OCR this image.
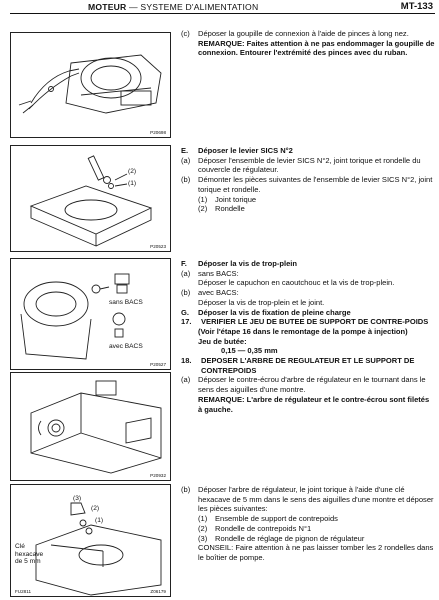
MOTEUR — SYSTEME D'ALIMENTATION	MT-133
P20698
(2)
(1)
P20523
sans BACS
avec BACS
P20527
P20932
(3)
(2)
(1)
Clé
hexacave
de 5 mm
FU2811	Z06179
(c)	Déposer la goupille de connexion à l'aide de pinces à long nez.
REMARQUE: Faites attention à ne pas endommager la goupille de connexion. Entourer l'extrémité des pinces avec du ruban.
E.	Déposer le levier SICS N°2
(a)	Déposer l'ensemble de levier SICS N°2, joint torique et rondelle du couvercle de régulateur.
(b)	Démonter les pièces suivantes de l'ensemble de levier SICS N°2, joint torique et rondelle.
(1)	Joint torique
(2)	Rondelle
F.	Déposer la vis de trop-plein
(a)	sans BACS:
Déposer le capuchon en caoutchouc et la vis de trop-plein.
(b)	avec BACS:
Déposer la vis de trop-plein et le joint.
G.	Déposer la vis de fixation de pleine charge
17.	VERIFIER LE JEU DE BUTEE DE SUPPORT DE CONTRE-POIDS
(Voir l'étape 16 dans le remontage de la pompe à injection)
Jeu de butée:
0,15 — 0,35 mm
18.	DEPOSER L'ARBRE DE REGULATEUR ET LE SUPPORT DE CONTREPOIDS
(a)	Déposer le contre-écrou d'arbre de régulateur en le tournant dans le sens des aiguilles d'une montre.
REMARQUE: L'arbre de régulateur et le contre-écrou sont filetés à gauche.
(b)	Déposer l'arbre de régulateur, le joint torique à l'aide d'une clé hexacave de 5 mm dans le sens des aiguilles d'une montre et déposer les pièces suivantes:
(1)	Ensemble de support de contrepoids
(2)	Rondelle de contrepoids N°1
(3)	Rondelle de réglage de pignon de régulateur
CONSEIL: Faire attention à ne pas laisser tomber les 2 rondelles dans le boîtier de pompe.
